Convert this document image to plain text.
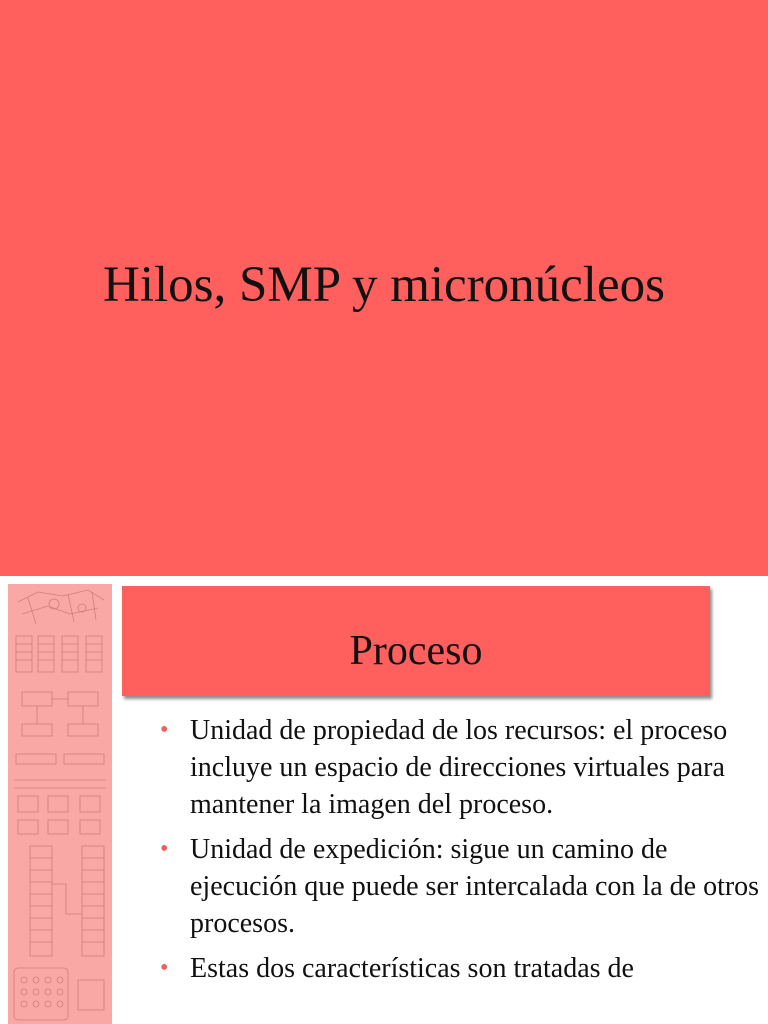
Hilos, SMP y micronúcleos
Proceso
• Unidad de propiedad de los recursos: el proceso incluye un espacio de direcciones virtuales para mantener la imagen del proceso.
• Unidad de expedición: sigue un camino de ejecución que puede ser intercalada con la de otros procesos.
• Estas dos características son tratadas de
